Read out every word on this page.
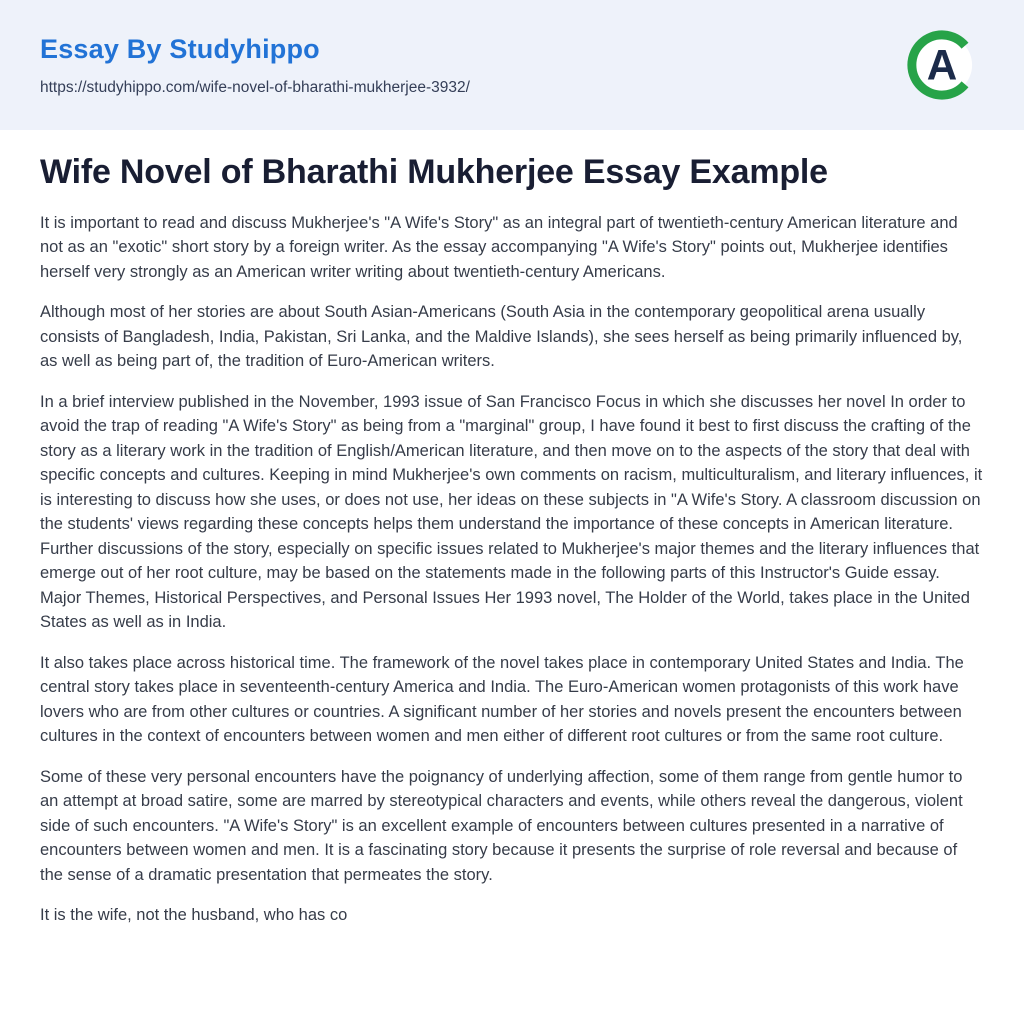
Essay By Studyhippo
https://studyhippo.com/wife-novel-of-bharathi-mukherjee-3932/	A
Wife Novel of Bharathi Mukherjee Essay Example

It is important to read and discuss Mukherjee's "A Wife's Story" as an integral part of twentieth-century American literature and not as an "exotic" short story by a foreign writer. As the essay accompanying "A Wife's Story" points out, Mukherjee identifies herself very strongly as an American writer writing about twentieth-century Americans.

Although most of her stories are about South Asian-Americans (South Asia in the contemporary geopolitical arena usually consists of Bangladesh, India, Pakistan, Sri Lanka, and the Maldive Islands), she sees herself as being primarily influenced by, as well as being part of, the tradition of Euro-American writers.

In a brief interview published in the November, 1993 issue of San Francisco Focus in which she discusses her novel In order to avoid the trap of reading "A Wife's Story" as being from a "marginal" group, I have found it best to first discuss the crafting of the story as a literary work in the tradition of English/American literature, and then move on to the aspects of the story that deal with specific concepts and cultures. Keeping in mind Mukherjee's own comments on racism, multiculturalism, and literary influences, it is interesting to discuss how she uses, or does not use, her ideas on these subjects in "A Wife's Story. A classroom discussion on the students' views regarding these concepts helps them understand the importance of these concepts in American literature. Further discussions of the story, especially on specific issues related to Mukherjee's major themes and the literary influences that emerge out of her root culture, may be based on the statements made in the following parts of this Instructor's Guide essay. Major Themes, Historical Perspectives, and Personal Issues Her 1993 novel, The Holder of the World, takes place in the United States as well as in India.

It also takes place across historical time. The framework of the novel takes place in contemporary United States and India. The central story takes place in seventeenth-century America and India. The Euro-American women protagonists of this work have lovers who are from other cultures or countries. A significant number of her stories and novels present the encounters between cultures in the context of encounters between women and men either of different root cultures or from the same root culture.

Some of these very personal encounters have the poignancy of underlying affection, some of them range from gentle humor to an attempt at broad satire, some are marred by stereotypical characters and events, while others reveal the dangerous, violent side of such encounters. "A Wife's Story" is an excellent example of encounters between cultures presented in a narrative of encounters between women and men. It is a fascinating story because it presents the surprise of role reversal and because of the sense of a dramatic presentation that permeates the story.

It is the wife, not the husband, who has co
